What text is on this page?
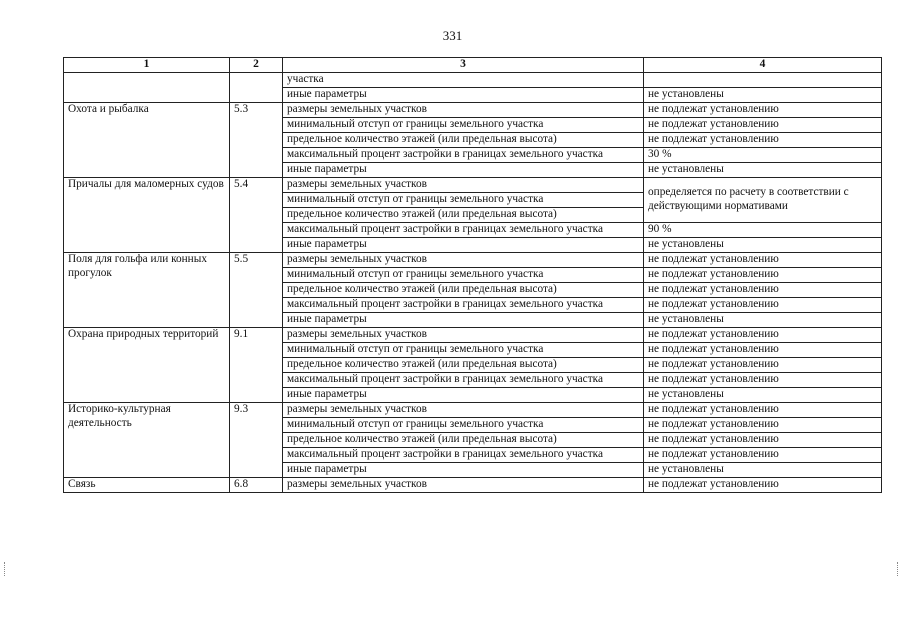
331
1	2	3	4
		участка	
		иные параметры	не установлены
Охота и рыбалка	5.3	размеры земельных участков	не подлежат установлению
		минимальный отступ от границы земельного участка	не подлежат установлению
		предельное количество этажей (или предельная высота)	не подлежат установлению
		максимальный процент застройки в границах земельного участка	30 %
		иные параметры	не установлены
Причалы для маломерных судов	5.4	размеры земельных участков	определяется по расчету в соответствии с действующими нормативами
		минимальный отступ от границы земельного участка	
		предельное количество этажей (или предельная высота)	
		максимальный процент застройки в границах земельного участка	90 %
		иные параметры	не установлены
Поля для гольфа или конных прогулок	5.5	размеры земельных участков	не подлежат установлению
		минимальный отступ от границы земельного участка	не подлежат установлению
		предельное количество этажей (или предельная высота)	не подлежат установлению
		максимальный процент застройки в границах земельного участка	не подлежат установлению
		иные параметры	не установлены
Охрана природных территорий	9.1	размеры земельных участков	не подлежат установлению
		минимальный отступ от границы земельного участка	не подлежат установлению
		предельное количество этажей (или предельная высота)	не подлежат установлению
		максимальный процент застройки в границах земельного участка	не подлежат установлению
		иные параметры	не установлены
Историко-культурная деятельность	9.3	размеры земельных участков	не подлежат установлению
		минимальный отступ от границы земельного участка	не подлежат установлению
		предельное количество этажей (или предельная высота)	не подлежат установлению
		максимальный процент застройки в границах земельного участка	не подлежат установлению
		иные параметры	не установлены
Связь	6.8	размеры земельных участков	не подлежат установлению
